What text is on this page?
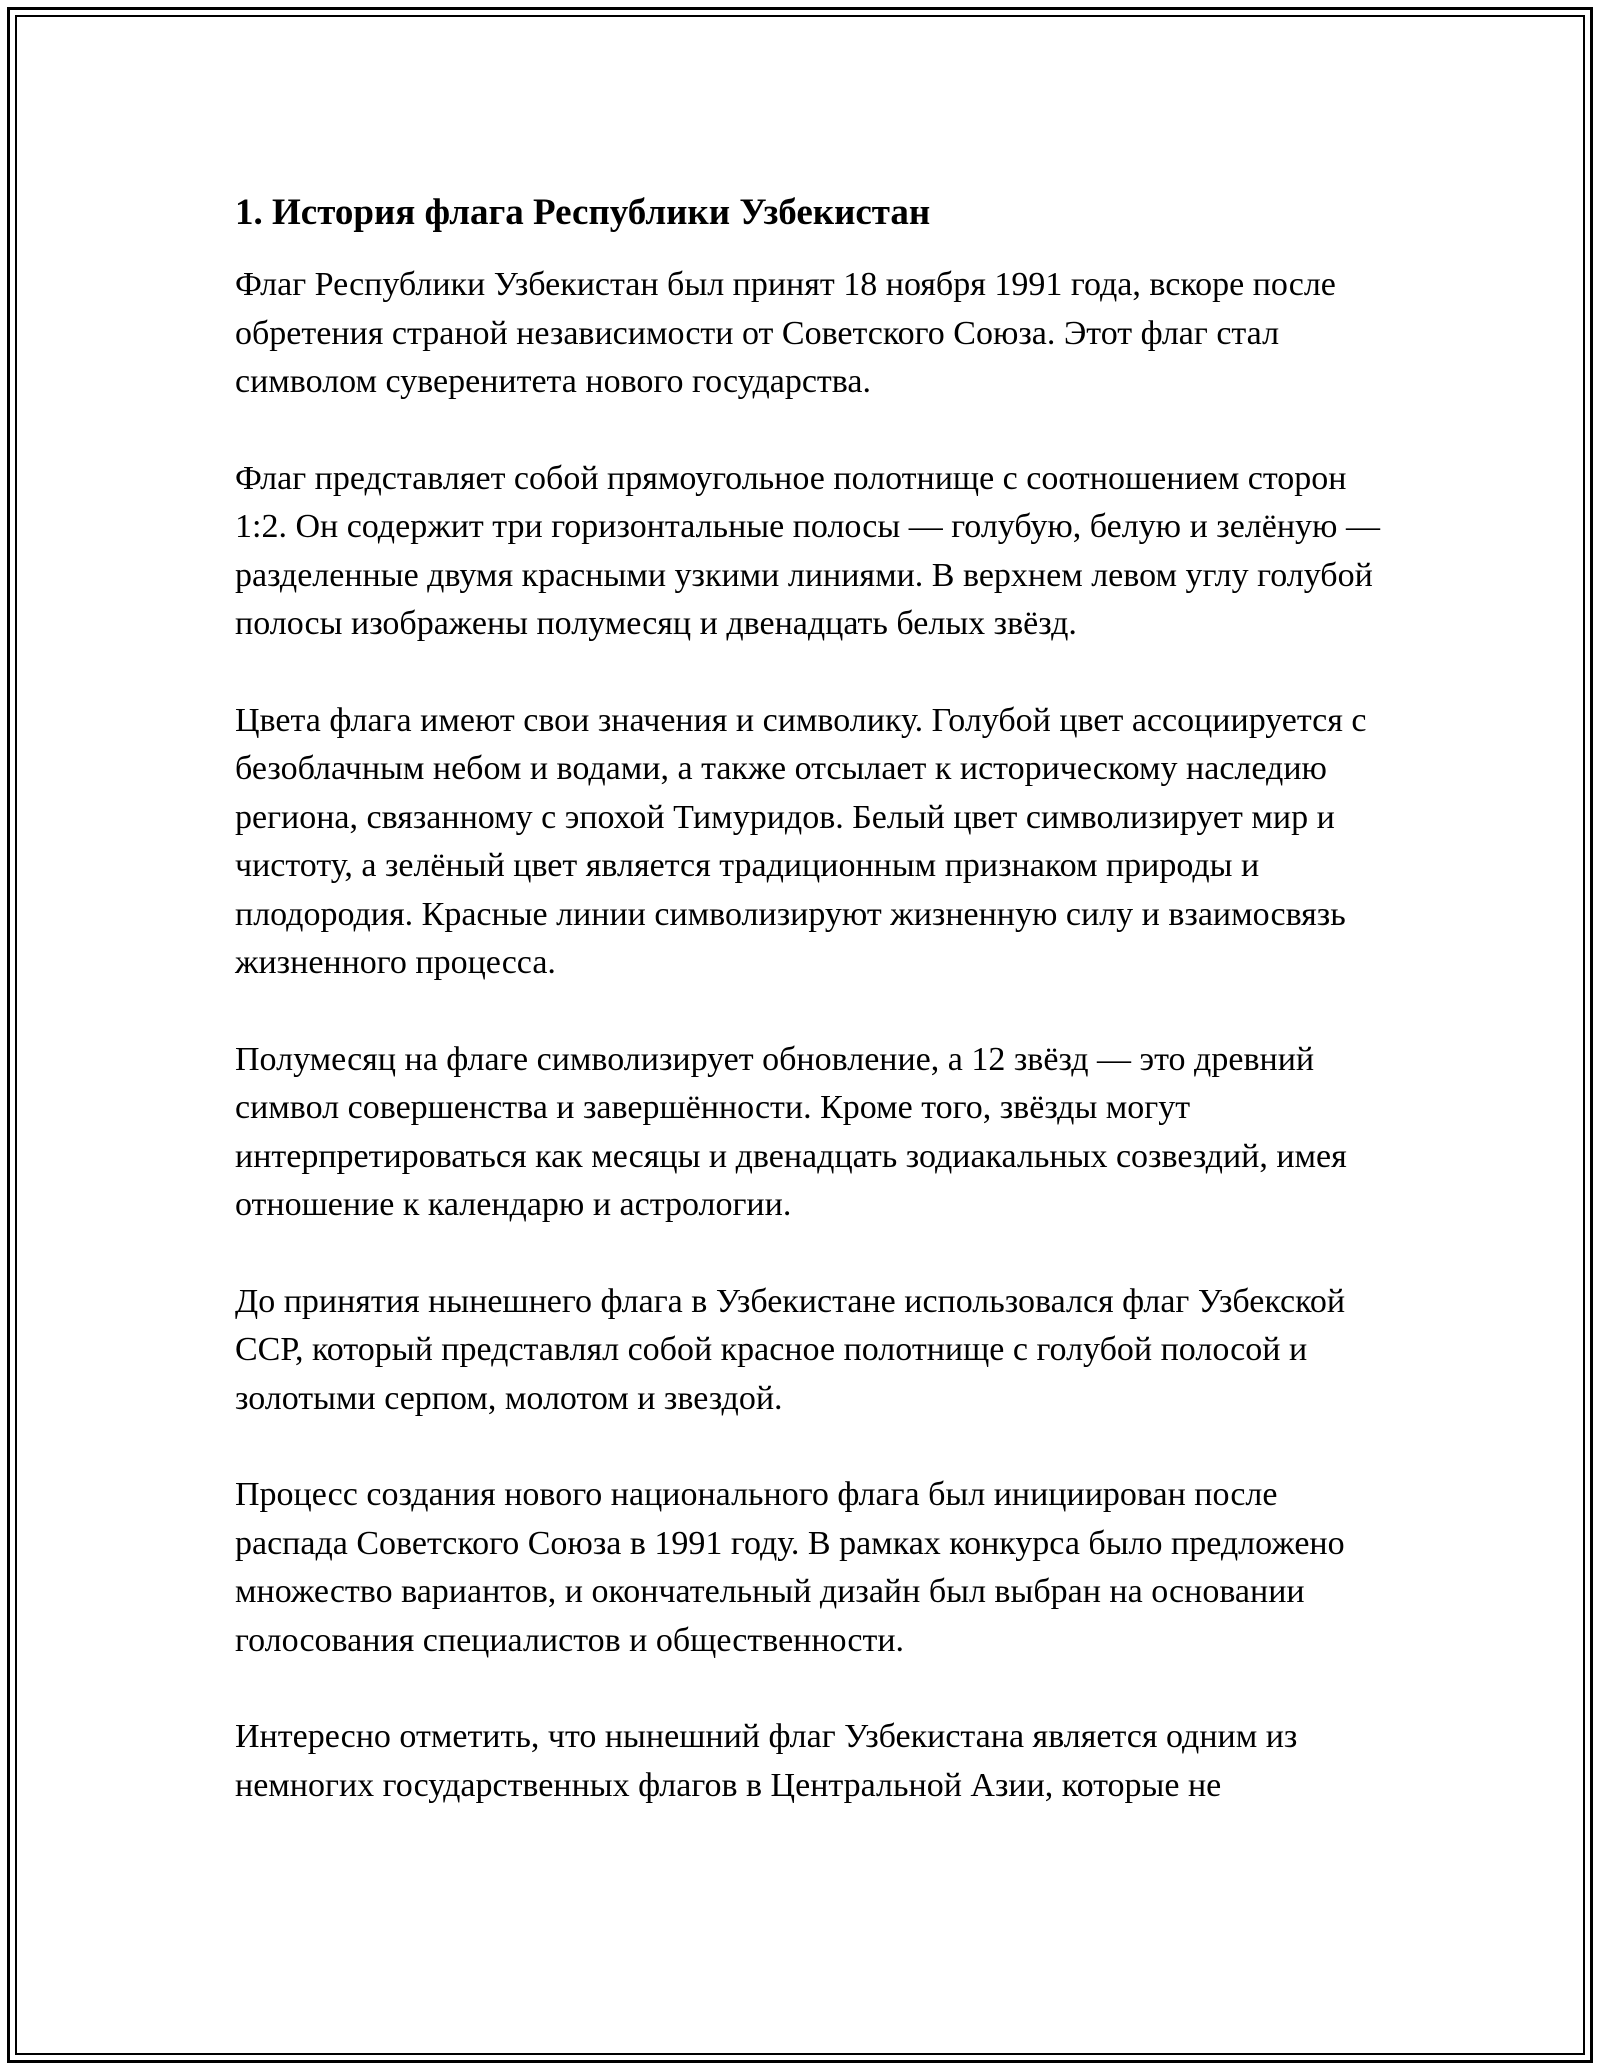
1. История флага Республики Узбекистан

Флаг Республики Узбекистан был принят 18 ноября 1991 года, вскоре после обретения страной независимости от Советского Союза. Этот флаг стал символом суверенитета нового государства.

Флаг представляет собой прямоугольное полотнище с соотношением сторон 1:2. Он содержит три горизонтальные полосы — голубую, белую и зелёную — разделенные двумя красными узкими линиями. В верхнем левом углу голубой полосы изображены полумесяц и двенадцать белых звёзд.

Цвета флага имеют свои значения и символику. Голубой цвет ассоциируется с безоблачным небом и водами, а также отсылает к историческому наследию региона, связанному с эпохой Тимуридов. Белый цвет символизирует мир и чистоту, а зелёный цвет является традиционным признаком природы и плодородия. Красные линии символизируют жизненную силу и взаимосвязь жизненного процесса.

Полумесяц на флаге символизирует обновление, а 12 звёзд — это древний символ совершенства и завершённости. Кроме того, звёзды могут интерпретироваться как месяцы и двенадцать зодиакальных созвездий, имея отношение к календарю и астрологии.

До принятия нынешнего флага в Узбекистане использовался флаг Узбекской ССР, который представлял собой красное полотнище с голубой полосой и золотыми серпом, молотом и звездой.

Процесс создания нового национального флага был инициирован после распада Советского Союза в 1991 году. В рамках конкурса было предложено множество вариантов, и окончательный дизайн был выбран на основании голосования специалистов и общественности.

Интересно отметить, что нынешний флаг Узбекистана является одним из немногих государственных флагов в Центральной Азии, которые не
